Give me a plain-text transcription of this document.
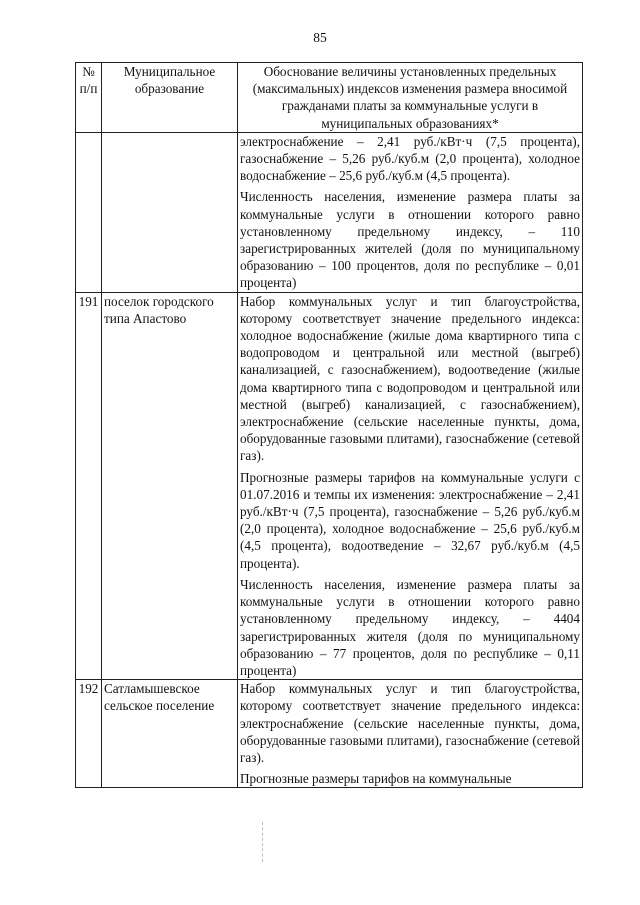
85
№ п/п	Муниципальное образование	Обоснование величины установленных предельных (максимальных) индексов изменения размера вносимой гражданами платы за коммунальные услуги в муниципальных образованиях*

		электроснабжение – 2,41 руб./кВт·ч (7,5 процента), газоснабжение – 5,26 руб./куб.м (2,0 процента), холодное водоснабжение – 25,6 руб./куб.м (4,5 процента).

Численность населения, изменение размера платы за коммунальные услуги в отношении которого равно установленному предельному индексу, – 110 зарегистрированных жителей (доля по муниципальному образованию – 100 процентов, доля по республике – 0,01 процента)

191	поселок городского типа Апастово	Набор коммунальных услуг и тип благоустройства, которому соответствует значение предельного индекса: холодное водоснабжение (жилые дома квартирного типа с водопроводом и центральной или местной (выгреб) канализацией, с газоснабжением), водоотведение (жилые дома квартирного типа с водопроводом и центральной или местной (выгреб) канализацией, с газоснабжением), электроснабжение (сельские населенные пункты, дома, оборудованные газовыми плитами), газоснабжение (сетевой газ).

Прогнозные размеры тарифов на коммунальные услуги с 01.07.2016 и темпы их изменения: электроснабжение – 2,41 руб./кВт·ч (7,5 процента), газоснабжение – 5,26 руб./куб.м (2,0 процента), холодное водоснабжение – 25,6 руб./куб.м (4,5 процента), водоотведение – 32,67 руб./куб.м (4,5 процента).

Численность населения, изменение размера платы за коммунальные услуги в отношении которого равно установленному предельному индексу, – 4404 зарегистрированных жителя (доля по муниципальному образованию – 77 процентов, доля по республике – 0,11 процента)

192	Сатламышевское сельское поселение	Набор коммунальных услуг и тип благоустройства, которому соответствует значение предельного индекса: электроснабжение (сельские населенные пункты, дома, оборудованные газовыми плитами), газоснабжение (сетевой газ).

Прогнозные размеры тарифов на коммунальные
